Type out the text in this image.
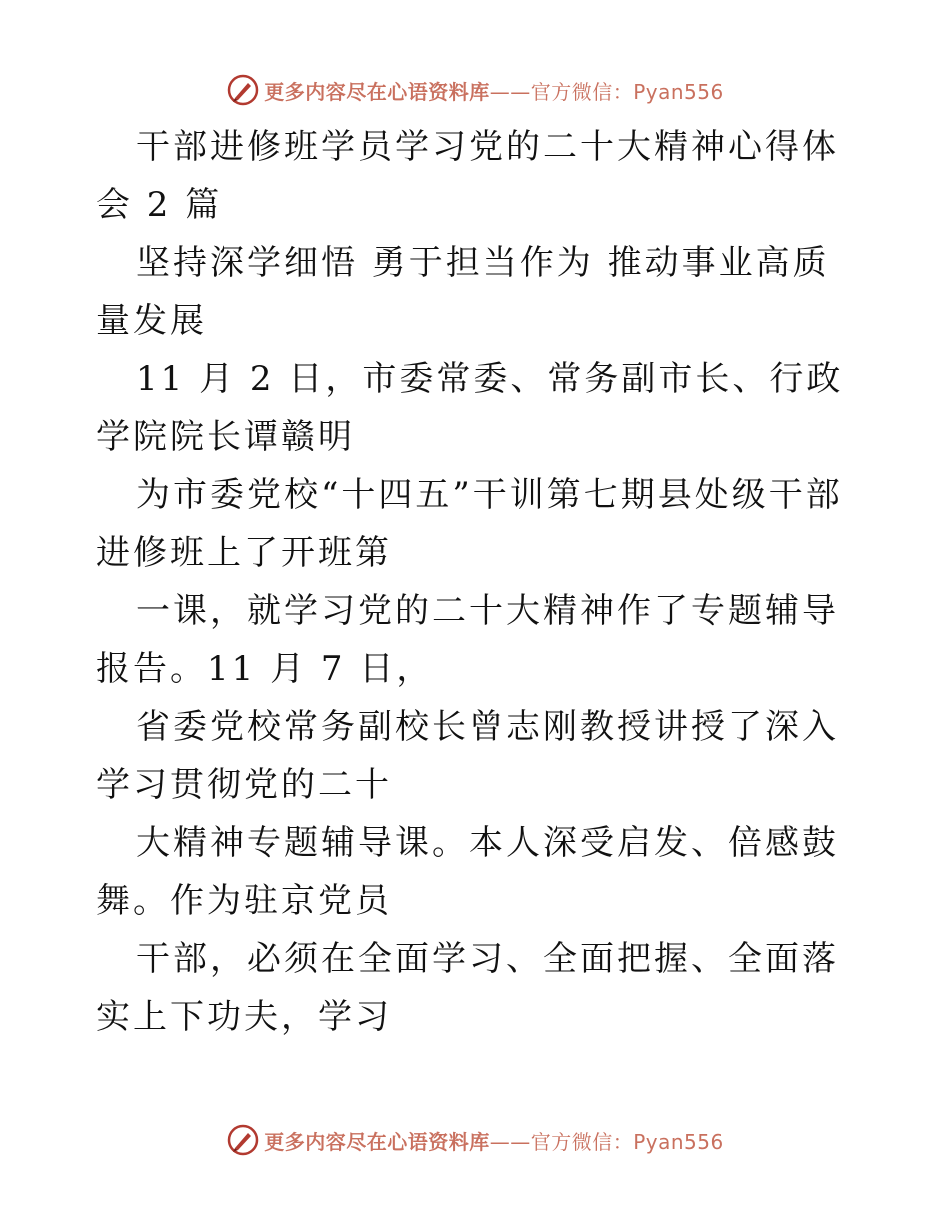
更多内容尽在心语资料库——官方微信：Pyan556

干部进修班学员学习党的二十大精神心得体会 2 篇

坚持深学细悟 勇于担当作为 推动事业高质量发展

11 月 2 日，市委常委、常务副市长、行政学院院长谭赣明

为市委党校“十四五”干训第七期县处级干部进修班上了开班第

一课，就学习党的二十大精神作了专题辅导报告。11 月 7 日，

省委党校常务副校长曾志刚教授讲授了深入学习贯彻党的二十

大精神专题辅导课。本人深受启发、倍感鼓舞。作为驻京党员

干部，必须在全面学习、全面把握、全面落实上下功夫，学习

更多内容尽在心语资料库——官方微信：Pyan556
